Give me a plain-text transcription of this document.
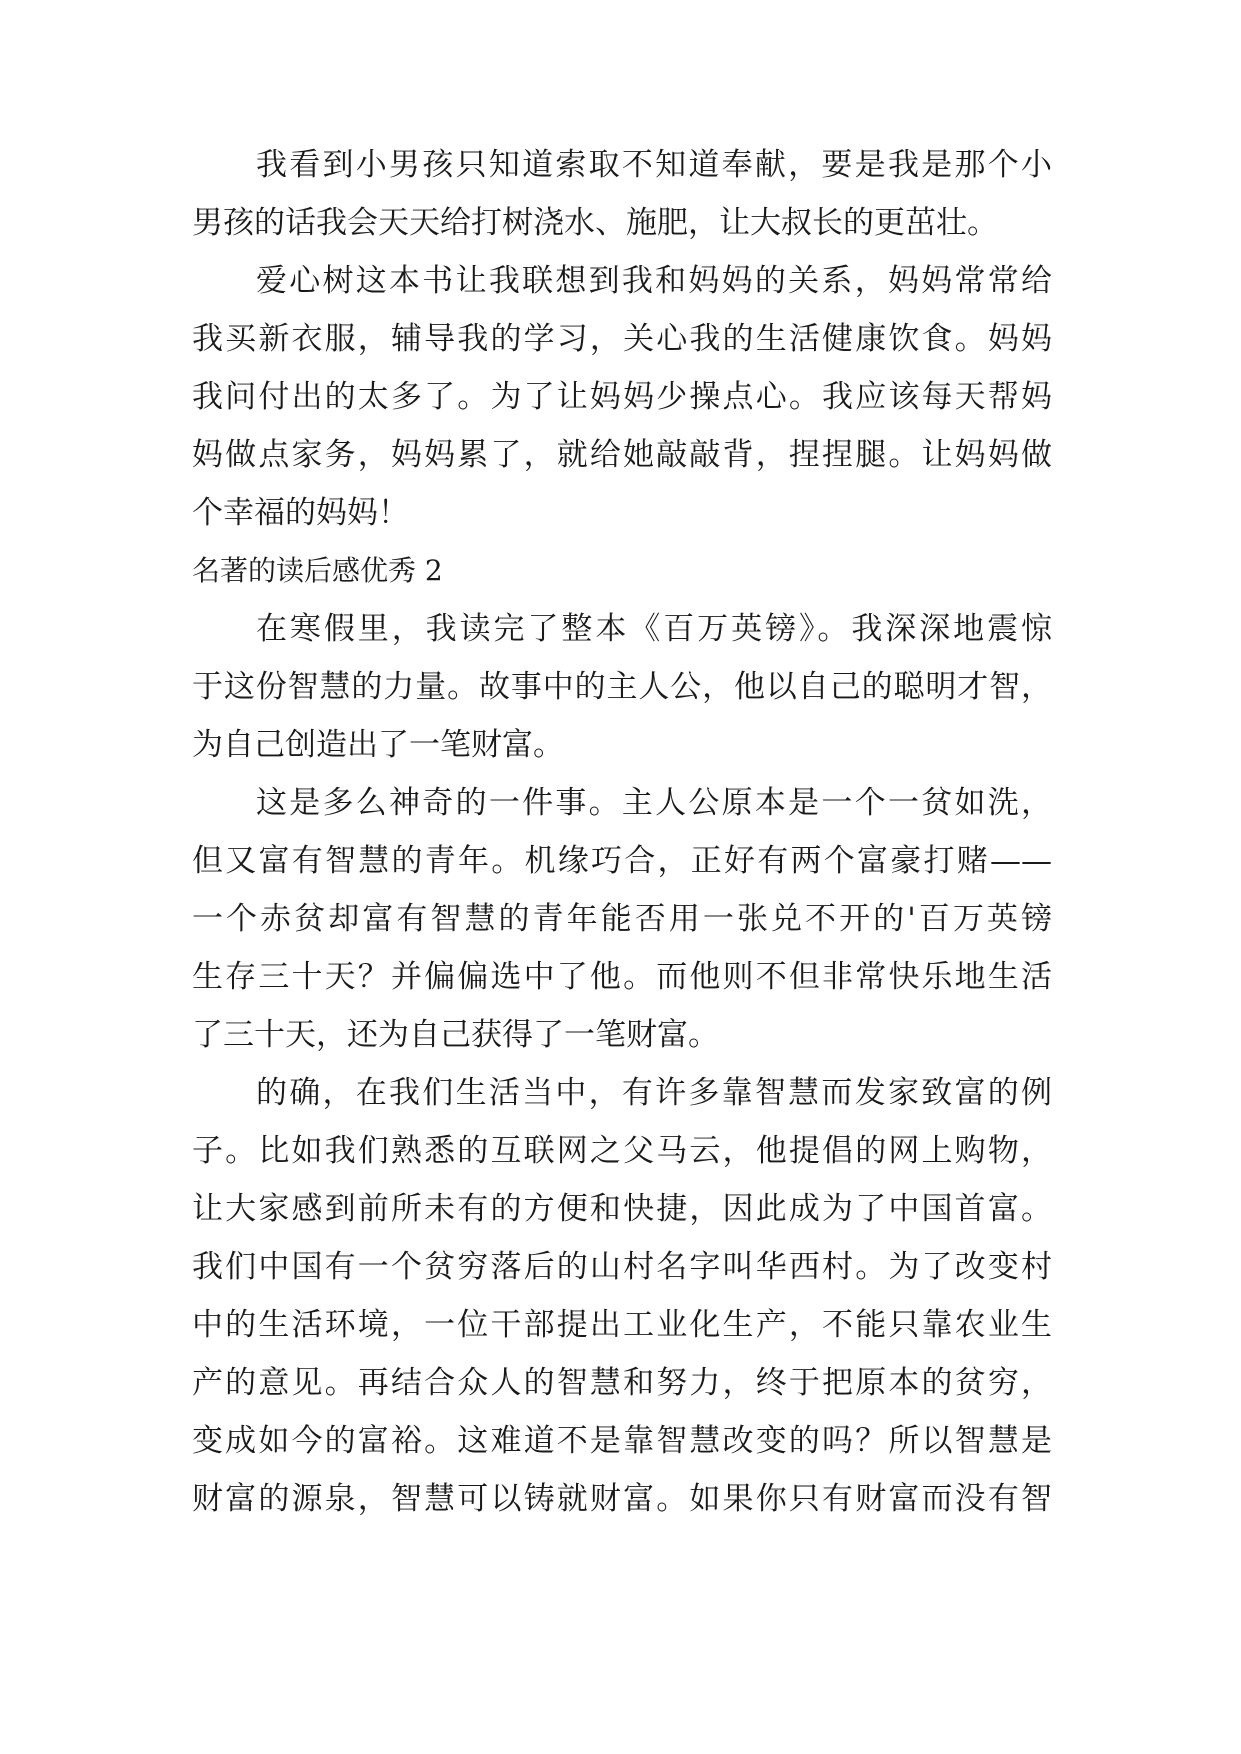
我看到小男孩只知道索取不知道奉献，要是我是那个小
男孩的话我会天天给打树浇水、施肥，让大叔长的更茁壮。
爱心树这本书让我联想到我和妈妈的关系，妈妈常常给
我买新衣服，辅导我的学习，关心我的生活健康饮食。妈妈
我问付出的太多了。为了让妈妈少操点心。我应该每天帮妈
妈做点家务，妈妈累了，就给她敲敲背，捏捏腿。让妈妈做
个幸福的妈妈！
名著的读后感优秀 2
在寒假里，我读完了整本《百万英镑》。我深深地震惊
于这份智慧的力量。故事中的主人公，他以自己的聪明才智，
为自己创造出了一笔财富。
这是多么神奇的一件事。主人公原本是一个一贫如洗，
但又富有智慧的青年。机缘巧合，正好有两个富豪打赌——
一个赤贫却富有智慧的青年能否用一张兑不开的'百万英镑
生存三十天？并偏偏选中了他。而他则不但非常快乐地生活
了三十天，还为自己获得了一笔财富。
的确，在我们生活当中，有许多靠智慧而发家致富的例
子。比如我们熟悉的互联网之父马云，他提倡的网上购物，
让大家感到前所未有的方便和快捷，因此成为了中国首富。
我们中国有一个贫穷落后的山村名字叫华西村。为了改变村
中的生活环境，一位干部提出工业化生产，不能只靠农业生
产的意见。再结合众人的智慧和努力，终于把原本的贫穷，
变成如今的富裕。这难道不是靠智慧改变的吗？所以智慧是
财富的源泉，智慧可以铸就财富。如果你只有财富而没有智
